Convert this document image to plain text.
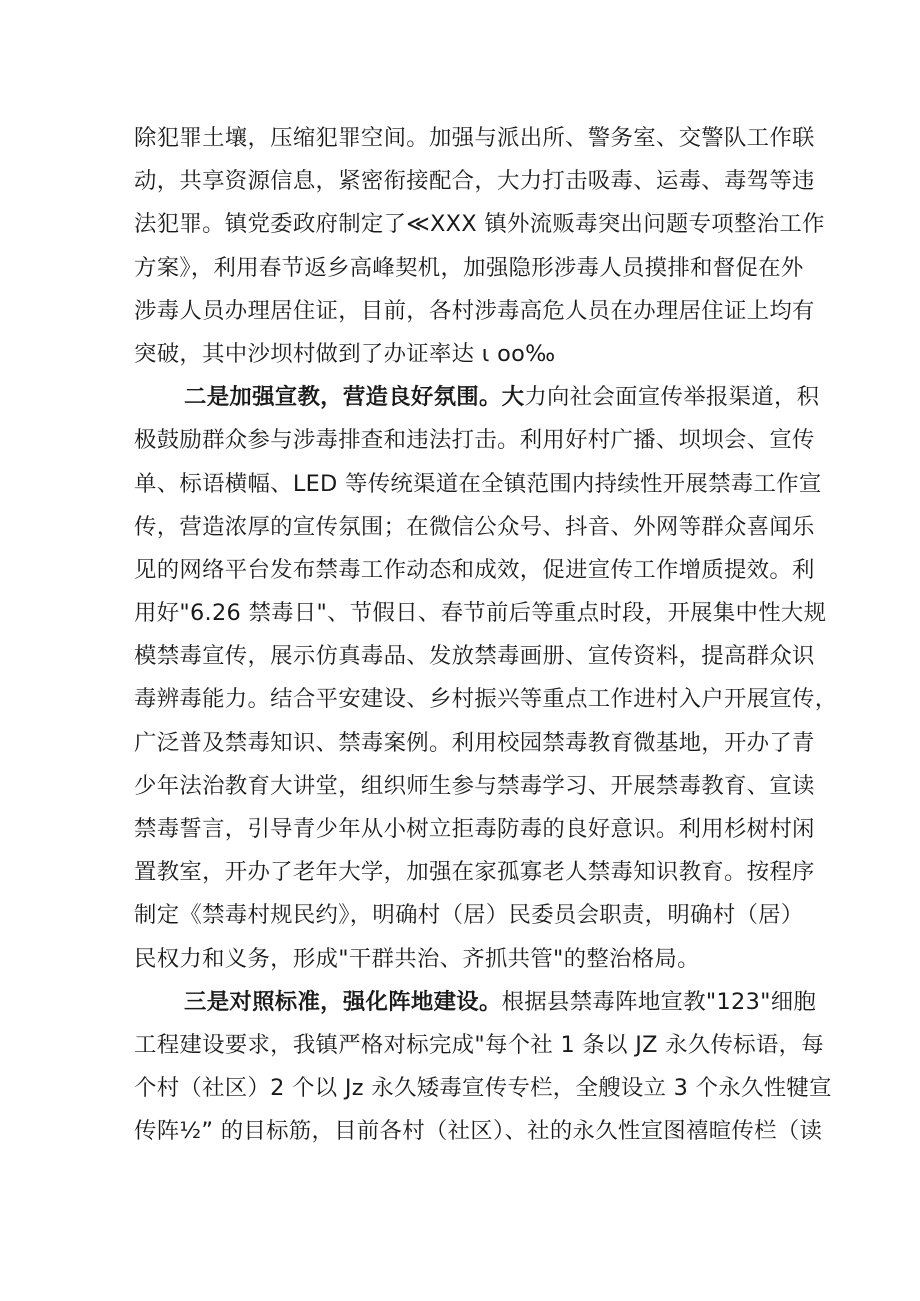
除犯罪土壤，压缩犯罪空间。加强与派出所、警务室、交警队工作联
动，共享资源信息，紧密衔接配合，大力打击吸毒、运毒、毒驾等违
法犯罪。镇党委政府制定了≪XXX 镇外流贩毒突出问题专项整治工作
方案》，利用春节返乡高峰契机，加强隐形涉毒人员摸排和督促在外
涉毒人员办理居住证，目前，各村涉毒高危人员在办理居住证上均有
突破，其中沙坝村做到了办证率达 ι oo‰
二是加强宣教，营造良好氛围。大力向社会面宣传举报渠道，积
极鼓励群众参与涉毒排查和违法打击。利用好村广播、坝坝会、宣传
单、标语横幅、LED 等传统渠道在全镇范围内持续性开展禁毒工作宣
传，营造浓厚的宣传氛围；在微信公众号、抖音、外网等群众喜闻乐
见的网络平台发布禁毒工作动态和成效，促进宣传工作增质提效。利
用好"6.26 禁毒日"、节假日、春节前后等重点时段，开展集中性大规
模禁毒宣传，展示仿真毒品、发放禁毒画册、宣传资料，提高群众识
毒辨毒能力。结合平安建设、乡村振兴等重点工作进村入户开展宣传，
广泛普及禁毒知识、禁毒案例。利用校园禁毒教育微基地，开办了青
少年法治教育大讲堂，组织师生参与禁毒学习、开展禁毒教育、宣读
禁毒誓言，引导青少年从小树立拒毒防毒的良好意识。利用杉树村闲
置教室，开办了老年大学，加强在家孤寡老人禁毒知识教育。按程序
制定《禁毒村规民约》，明确村（居）民委员会职责，明确村（居）
民权力和义务，形成"干群共治、齐抓共管"的整治格局。
三是对照标准，强化阵地建设。根据县禁毒阵地宣教"123"细胞
工程建设要求，我镇严格对标完成"每个社 1 条以 JZ 永久传标语，每
个村（社区）2 个以 Jz 永久矮毒宣传专栏，全艘设立 3 个永久性犍宣
传阵½” 的目标筋，目前各村（社区）、社的永久性宣图禧暄传栏（读
